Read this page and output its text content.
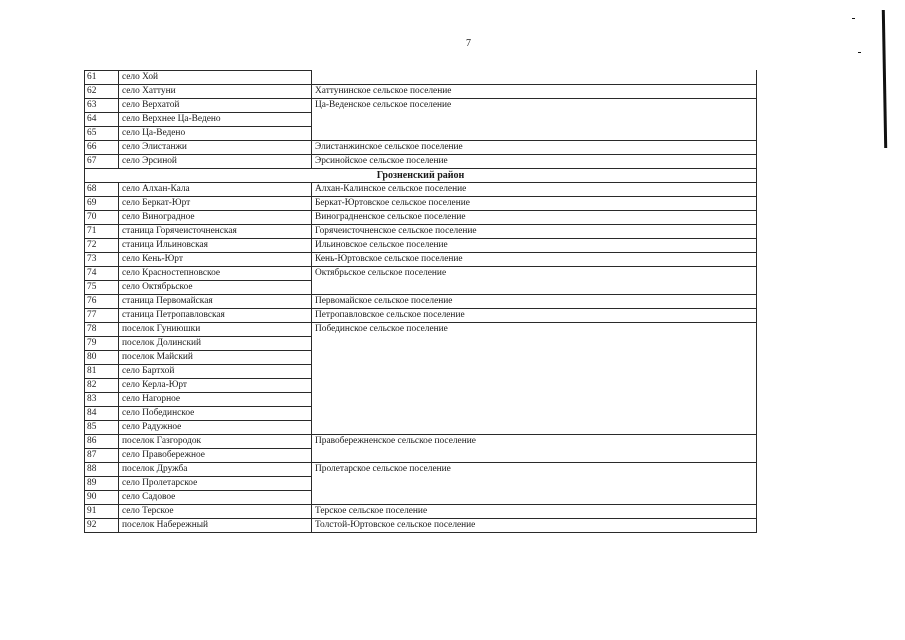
7
61	село Хой	
62	село Хаттуни	Хаттунинское сельское поселение
63	село Верхатой	Ца-Веденское сельское поселение
64	село Верхнее Ца-Ведено	
65	село Ца-Ведено	
66	село Элистанжи	Элистанжинское сельское поселение
67	село Эрсиной	Эрсинойское сельское поселение
Грозненский район		
68	село Алхан-Кала	Алхан-Калинское сельское поселение
69	село Беркат-Юрт	Беркат-Юртовское сельское поселение
70	село Виноградное	Виноградненское сельское поселение
71	станица Горячеисточненская	Горячеисточненское сельское поселение
72	станица Ильиновская	Ильиновское сельское поселение
73	село Кень-Юрт	Кень-Юртовское сельское поселение
74	село Красностепновское	Октябрьское сельское поселение
75	село Октябрьское	
76	станица Первомайская	Первомайское сельское поселение
77	станица Петропавловская	Петропавловское сельское поселение
78	поселок Гуниюшки	Побединское сельское поселение
79	поселок Долинский	
80	поселок Майский	
81	село Бартхой	
82	село Керла-Юрт	
83	село Нагорное	
84	село Побединское	
85	село Радужное	
86	поселок Газгородок	Правобережненское сельское поселение
87	село Правобережное	
88	поселок Дружба	Пролетарское сельское поселение
89	село Пролетарское	
90	село Садовое	
91	село Терское	Терское сельское поселение
92	поселок Набережный	Толстой-Юртовское сельское поселение
